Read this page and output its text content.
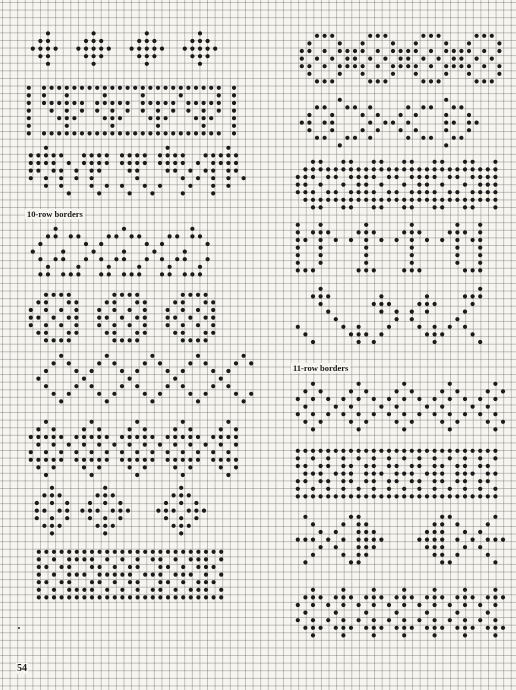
10-row borders
11-row borders
54
